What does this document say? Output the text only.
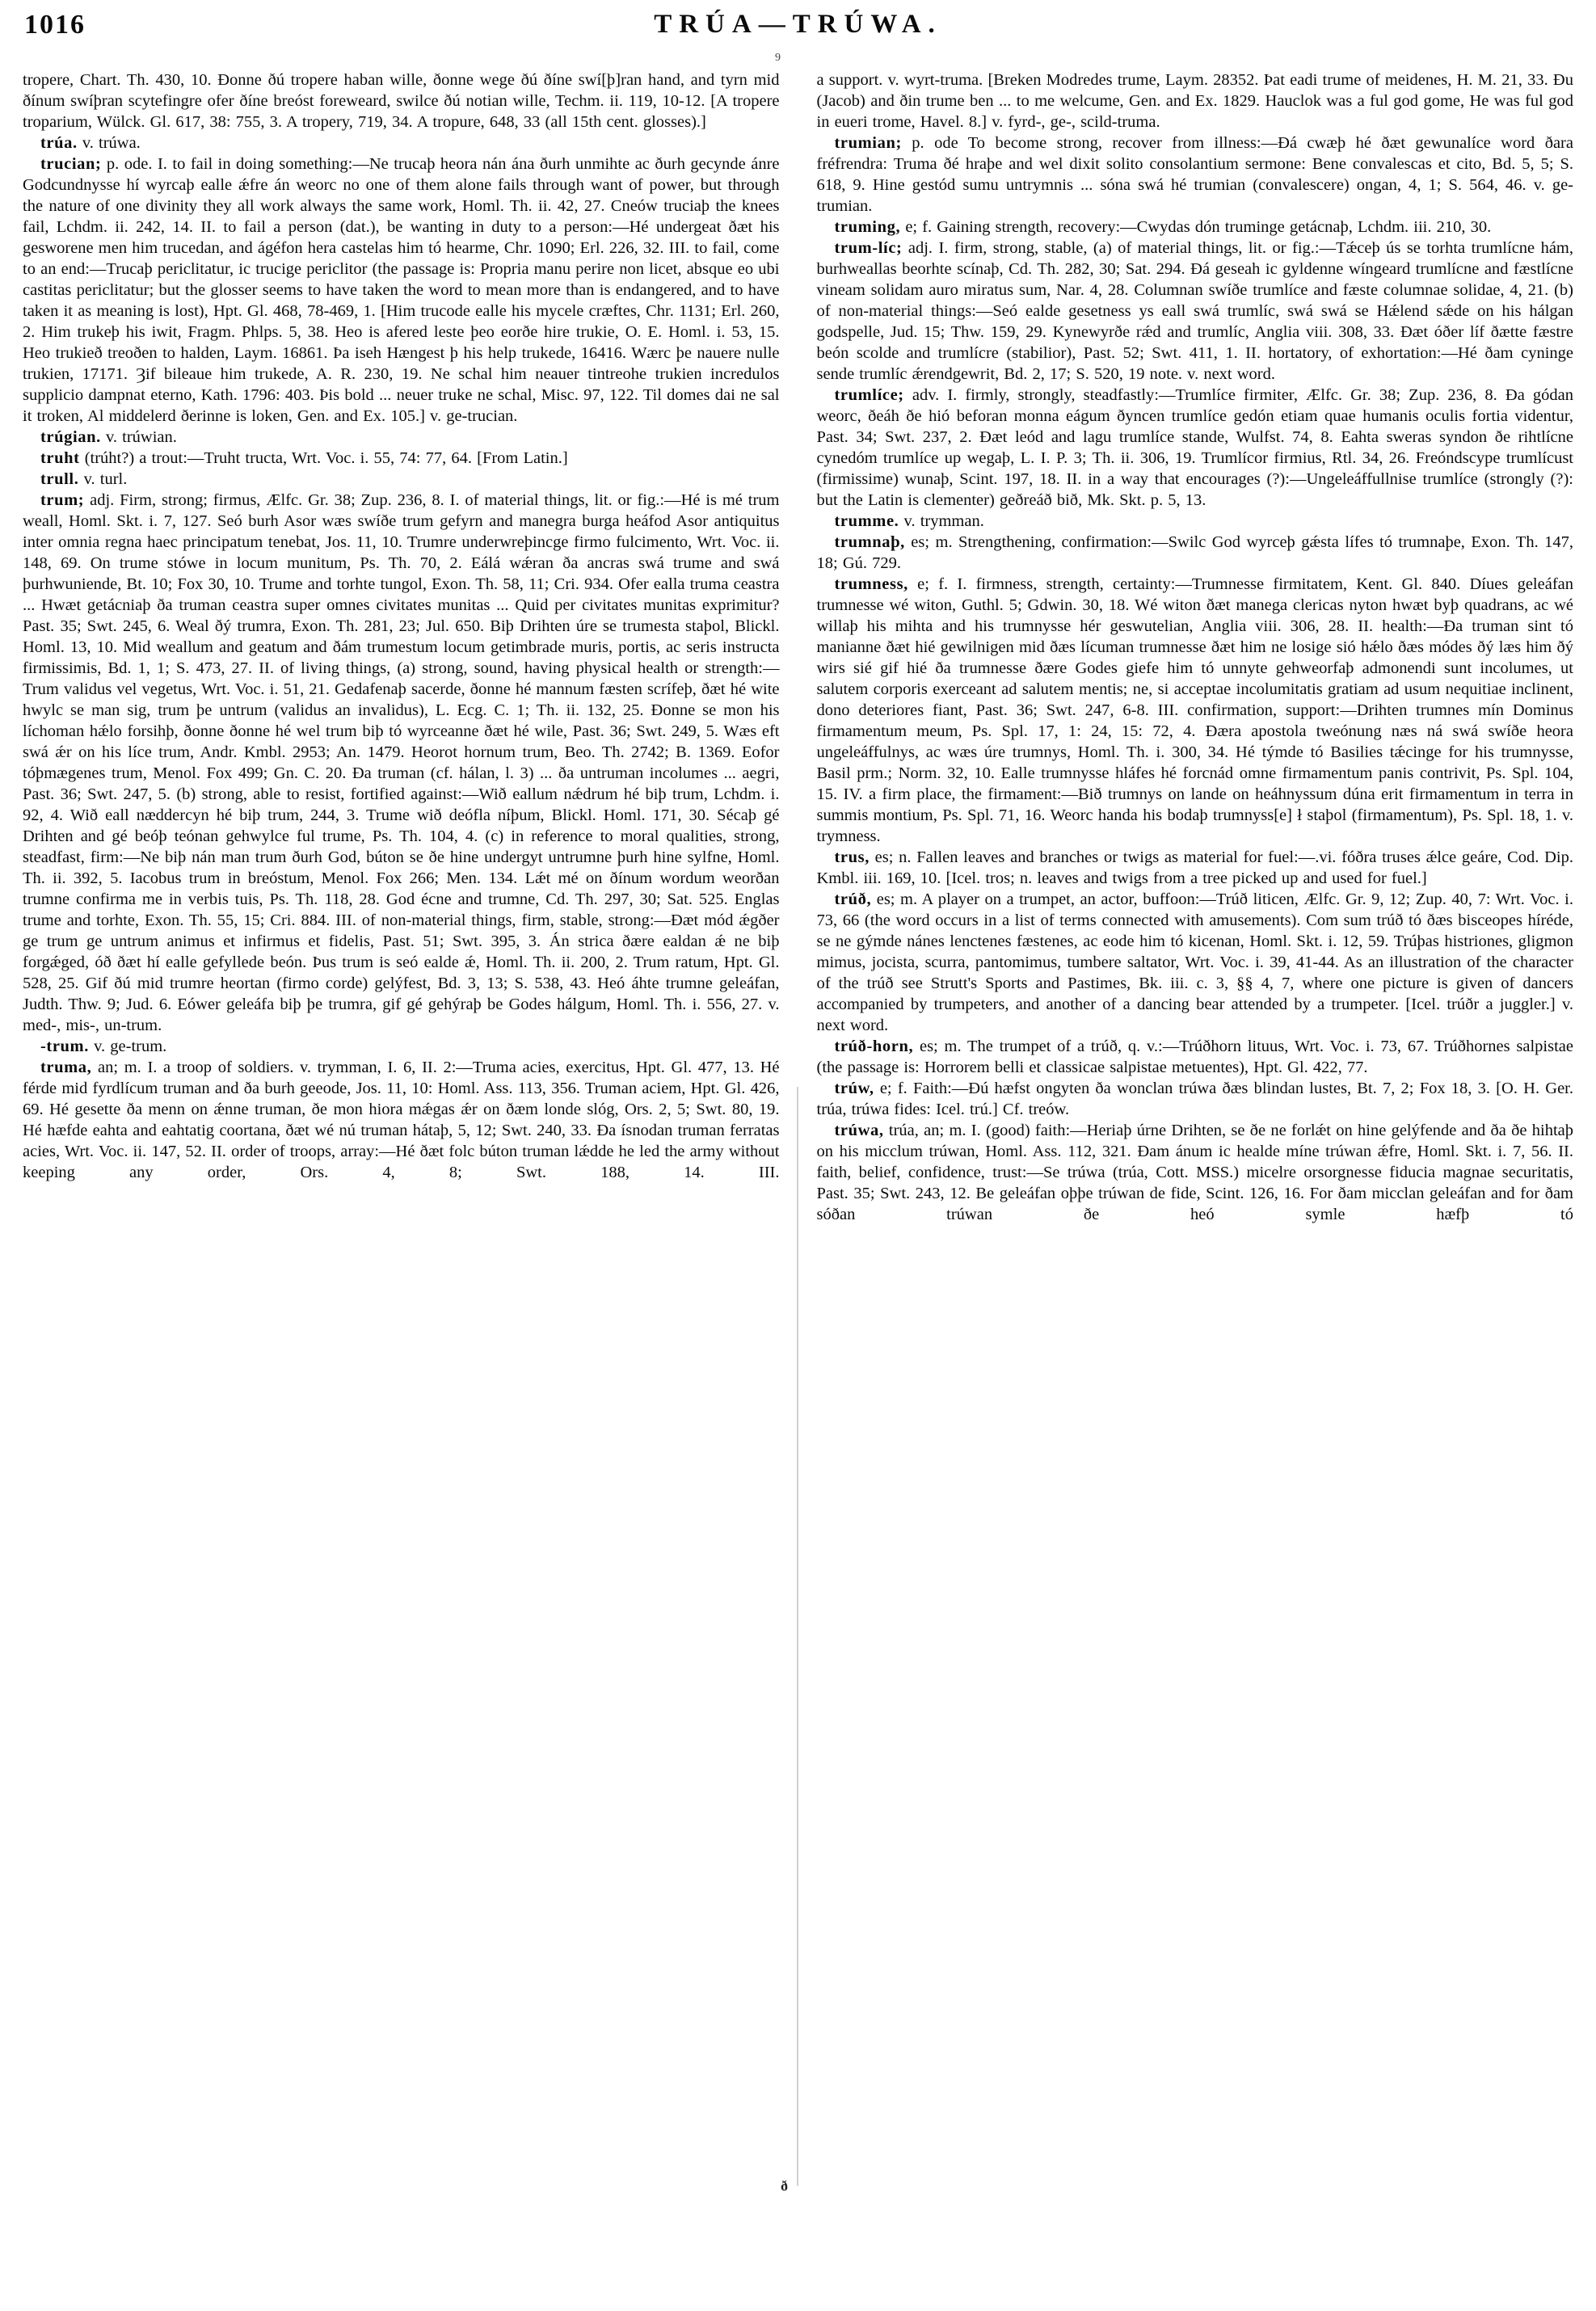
1016	TRÚA—TRÚWA.
9

tropere, Chart. Th. 430, 10. Ðonne ðú tropere haban wille, ðonne wege ðú ðíne swí[þ]ran hand, and tyrn mid ðínum swíþran scytefingre ofer ðíne breóst foreweard, swilce ðú notian wille, Techm. ii. 119, 10-12. [A tropere troparium, Wülck. Gl. 617, 38: 755, 3. A tropery, 719, 34. A tropure, 648, 33 (all 15th cent. glosses).]

trúa. v. trúwa.

trucian; p. ode. I. to fail in doing something:—Ne trucaþ heora nán ána ðurh unmihte ac ðurh gecynde ánre Godcundnysse hí wyrcaþ ealle ǽfre án weorc no one of them alone fails through want of power, but through the nature of one divinity they all work always the same work, Homl. Th. ii. 42, 27. Cneów truciaþ the knees fail, Lchdm. ii. 242, 14. II. to fail a person (dat.), be wanting in duty to a person:—Hé undergeat ðæt his gesworene men him trucedan, and ágéfon hera castelas him tó hearme, Chr. 1090; Erl. 226, 32. III. to fail, come to an end:—Trucaþ periclitatur, ic trucige periclitor (the passage is: Propria manu perire non licet, absque eo ubi castitas periclitatur; but the glosser seems to have taken the word to mean more than is endangered, and to have taken it as meaning is lost), Hpt. Gl. 468, 78-469, 1. [Him trucode ealle his mycele cræftes, Chr. 1131; Erl. 260, 2. Him trukeþ his iwit, Fragm. Phlps. 5, 38. Heo is afered leste þeo eorðe hire trukie, O. E. Homl. i. 53, 15. Heo trukieð treoðen to halden, Laym. 16861. Þa iseh Hængest þ his help trukede, 16416. Wærc þe nauere nulle trukien, 17171. Ȝif bileaue him trukede, A. R. 230, 19. Ne schal him neauer tintreohe trukien incredulos supplicio dampnat eterno, Kath. 1796: 403. Þis bold ... neuer truke ne schal, Misc. 97, 122. Til domes dai ne sal it troken, Al middelerd ðerinne is loken, Gen. and Ex. 105.] v. ge-trucian.

trúgian. v. trúwian.

truht (trúht?) a trout:—Truht tructa, Wrt. Voc. i. 55, 74: 77, 64. [From Latin.]

trull. v. turl.

trum; adj. Firm, strong; firmus, Ælfc. Gr. 38; Zup. 236, 8. I. of material things, lit. or fig.:—Hé is mé trum weall, Homl. Skt. i. 7, 127. Seó burh Asor wæs swíðe trum gefyrn and manegra burga heáfod Asor antiquitus inter omnia regna haec principatum tenebat, Jos. 11, 10. Trumre underwreþincge firmo fulcimento, Wrt. Voc. ii. 148, 69. On trume stówe in locum munitum, Ps. Th. 70, 2. Eálá wǽran ða ancras swá trume and swá þurhwuniende, Bt. 10; Fox 30, 10. Trume and torhte tungol, Exon. Th. 58, 11; Cri. 934. Ofer ealla truma ceastra ... Hwæt getácniaþ ða truman ceastra super omnes civitates munitas ... Quid per civitates munitas exprimitur? Past. 35; Swt. 245, 6. Weal ðý trumra, Exon. Th. 281, 23; Jul. 650. Biþ Drihten úre se trumesta staþol, Blickl. Homl. 13, 10. Mid weallum and geatum and ðám trumestum locum getimbrade muris, portis, ac seris instructa firmissimis, Bd. 1, 1; S. 473, 27. II. of living things, (a) strong, sound, having physical health or strength:—Trum validus vel vegetus, Wrt. Voc. i. 51, 21. Gedafenaþ sacerde, ðonne hé mannum fæsten scrífeþ, ðæt hé wite hwylc se man sig, trum þe untrum (validus an invalidus), L. Ecg. C. 1; Th. ii. 132, 25. Ðonne se mon his líchoman hǽlo forsihþ, ðonne ðonne hé wel trum biþ tó wyrceanne ðæt hé wile, Past. 36; Swt. 249, 5. Wæs eft swá ǽr on his líce trum, Andr. Kmbl. 2953; An. 1479. Heorot hornum trum, Beo. Th. 2742; B. 1369. Eofor tóþmægenes trum, Menol. Fox 499; Gn. C. 20. Ða truman (cf. hálan, l. 3) ... ða untruman incolumes ... aegri, Past. 36; Swt. 247, 5. (b) strong, able to resist, fortified against:—Wið eallum nǽdrum hé biþ trum, Lchdm. i. 92, 4. Wið eall næddercyn hé biþ trum, 244, 3. Trume wið deófla níþum, Blickl. Homl. 171, 30. Sécaþ gé Drihten and gé beóþ teónan gehwylce ful trume, Ps. Th. 104, 4. (c) in reference to moral qualities, strong, steadfast, firm:—Ne biþ nán man trum ðurh God, búton se ðe hine undergyt untrumne þurh hine sylfne, Homl. Th. ii. 392, 5. Iacobus trum in breóstum, Menol. Fox 266; Men. 134. Lǽt mé on ðínum wordum weorðan trumne confirma me in verbis tuis, Ps. Th. 118, 28. God écne and trumne, Cd. Th. 297, 30; Sat. 525. Englas trume and torhte, Exon. Th. 55, 15; Cri. 884. III. of non-material things, firm, stable, strong:—Ðæt mód ǽgðer ge trum ge untrum animus et infirmus et fidelis, Past. 51; Swt. 395, 3. Án strica ðære ealdan ǽ ne biþ forgǽged, óð ðæt hí ealle gefyllede beón. Þus trum is seó ealde ǽ, Homl. Th. ii. 200, 2. Trum ratum, Hpt. Gl. 528, 25. Gif ðú mid trumre heortan (firmo corde) gelýfest, Bd. 3, 13; S. 538, 43. Heó áhte trumne geleáfan, Judth. Thw. 9; Jud. 6. Eówer geleáfa biþ þe trumra, gif gé gehýraþ be Godes hálgum, Homl. Th. i. 556, 27. v. med-, mis-, un-trum.

-trum. v. ge-trum.

truma, an; m. I. a troop of soldiers. v. trymman, I. 6, II. 2:—Truma acies, exercitus, Hpt. Gl. 477, 13. Hé férde mid fyrdlícum truman and ða burh geeode, Jos. 11, 10: Homl. Ass. 113, 356. Truman aciem, Hpt. Gl. 426, 69. Hé gesette ða menn on ǽnne truman, ðe mon hiora mǽgas ǽr on ðæm londe slóg, Ors. 2, 5; Swt. 80, 19. Hé hæfde eahta and eahtatig coortana, ðæt wé nú truman hátaþ, 5, 12; Swt. 240, 33. Ða ísnodan truman ferratas acies, Wrt. Voc. ii. 147, 52. II. order of troops, array:—Hé ðæt folc búton truman lǽdde he led the army without keeping any order, Ors. 4, 8; Swt. 188, 14. III.

a support. v. wyrt-truma. [Breken Modredes trume, Laym. 28352. Þat eadi trume of meidenes, H. M. 21, 33. Ðu (Jacob) and ðin trume ben ... to me welcume, Gen. and Ex. 1829. Hauclok was a ful god gome, He was ful god in eueri trome, Havel. 8.] v. fyrd-, ge-, scild-truma.

trumian; p. ode To become strong, recover from illness:—Ðá cwæþ hé ðæt gewunalíce word ðara fréfrendra: Truma ðé hraþe and wel dixit solito consolantium sermone: Bene convalescas et cito, Bd. 5, 5; S. 618, 9. Hine gestód sumu untrymnis ... sóna swá hé trumian (convalescere) ongan, 4, 1; S. 564, 46. v. ge-trumian.

truming, e; f. Gaining strength, recovery:—Cwydas dón truminge getácnaþ, Lchdm. iii. 210, 30.

trum-líc; adj. I. firm, strong, stable, (a) of material things, lit. or fig.:—Tǽceþ ús se torhta trumlícne hám, burhweallas beorhte scínaþ, Cd. Th. 282, 30; Sat. 294. Ðá geseah ic gyldenne wíngeard trumlícne and fæstlícne vineam solidam auro miratus sum, Nar. 4, 28. Columnan swíðe trumlíce and fæste columnae solidae, 4, 21. (b) of non-material things:—Seó ealde gesetness ys eall swá trumlíc, swá swá se Hǽlend sǽde on his hálgan godspelle, Jud. 15; Thw. 159, 29. Kynewyrðe rǽd and trumlíc, Anglia viii. 308, 33. Ðæt óðer líf ðætte fæstre beón scolde and trumlícre (stabilior), Past. 52; Swt. 411, 1. II. hortatory, of exhortation:—Hé ðam cyninge sende trumlíc ǽrendgewrit, Bd. 2, 17; S. 520, 19 note. v. next word.

trumlíce; adv. I. firmly, strongly, steadfastly:—Trumlíce firmiter, Ælfc. Gr. 38; Zup. 236, 8. Ða gódan weorc, ðeáh ðe hió beforan monna eágum ðyncen trumlíce gedón etiam quae humanis oculis fortia videntur, Past. 34; Swt. 237, 2. Ðæt leód and lagu trumlíce stande, Wulfst. 74, 8. Eahta sweras syndon ðe rihtlícne cynedóm trumlíce up wegaþ, L. I. P. 3; Th. ii. 306, 19. Trumlícor firmius, Rtl. 34, 26. Freóndscype trumlícust (firmissime) wunaþ, Scint. 197, 18. II. in a way that encourages (?):—Ungeleáffullnise trumlíce (strongly (?): but the Latin is clementer) geðreáð bið, Mk. Skt. p. 5, 13.

trumme. v. trymman.

trumnaþ, es; m. Strengthening, confirmation:—Swilc God wyrceþ gǽsta lífes tó trumnaþe, Exon. Th. 147, 18; Gú. 729.

trumness, e; f. I. firmness, strength, certainty:—Trumnesse firmitatem, Kent. Gl. 840. Díues geleáfan trumnesse wé witon, Guthl. 5; Gdwin. 30, 18. Wé witon ðæt manega clericas nyton hwæt byþ quadrans, ac wé willaþ his mihta and his trumnysse hér geswutelian, Anglia viii. 306, 28. II. health:—Ða truman sint tó manianne ðæt hié gewilnigen mid ðæs lícuman trumnesse ðæt him ne losige sió hǽlo ðæs módes ðý læs him ðý wirs sié gif hié ða trumnesse ðære Godes giefe him tó unnyte gehweorfaþ admonendi sunt incolumes, ut salutem corporis exerceant ad salutem mentis; ne, si acceptae incolumitatis gratiam ad usum nequitiae inclinent, dono deteriores fiant, Past. 36; Swt. 247, 6-8. III. confirmation, support:—Drihten trumnes mín Dominus firmamentum meum, Ps. Spl. 17, 1: 24, 15: 72, 4. Ðæra apostola tweónung næs ná swá swíðe heora ungeleáffulnys, ac wæs úre trumnys, Homl. Th. i. 300, 34. Hé týmde tó Basilies tǽcinge for his trumnysse, Basil prm.; Norm. 32, 10. Ealle trumnysse hláfes hé forcnád omne firmamentum panis contrivit, Ps. Spl. 104, 15. IV. a firm place, the firmament:—Bið trumnys on lande on heáhnyssum dúna erit firmamentum in terra in summis montium, Ps. Spl. 71, 16. Weorc handa his bodaþ trumnyss[e] ł staþol (firmamentum), Ps. Spl. 18, 1. v. trymness.

trus, es; n. Fallen leaves and branches or twigs as material for fuel:—.vi. fóðra truses ǽlce geáre, Cod. Dip. Kmbl. iii. 169, 10. [Icel. tros; n. leaves and twigs from a tree picked up and used for fuel.]

trúð, es; m. A player on a trumpet, an actor, buffoon:—Trúð liticen, Ælfc. Gr. 9, 12; Zup. 40, 7: Wrt. Voc. i. 73, 66 (the word occurs in a list of terms connected with amusements). Com sum trúð tó ðæs bisceopes híréde, se ne gýmde nánes lenctenes fæstenes, ac eode him tó kicenan, Homl. Skt. i. 12, 59. Trúþas histriones, gligmon mimus, jocista, scurra, pantomimus, tumbere saltator, Wrt. Voc. i. 39, 41-44. As an illustration of the character of the trúð see Strutt's Sports and Pastimes, Bk. iii. c. 3, §§ 4, 7, where one picture is given of dancers accompanied by trumpeters, and another of a dancing bear attended by a trumpeter. [Icel. trúðr a juggler.] v. next word.

trúð-horn, es; m. The trumpet of a trúð, q. v.:—Trúðhorn lituus, Wrt. Voc. i. 73, 67. Trúðhornes salpistae (the passage is: Horrorem belli et classicae salpistae metuentes), Hpt. Gl. 422, 77.

trúw, e; f. Faith:—Ðú hæfst ongyten ða wonclan trúwa ðæs blindan lustes, Bt. 7, 2; Fox 18, 3. [O. H. Ger. trúa, trúwa fides: Icel. trú.] Cf. treów.

trúwa, trúa, an; m. I. (good) faith:—Heriaþ úrne Drihten, se ðe ne forlǽt on hine gelýfende and ða ðe hihtaþ on his micclum trúwan, Homl. Ass. 112, 321. Ðam ánum ic healde míne trúwan ǽfre, Homl. Skt. i. 7, 56. II. faith, belief, confidence, trust:—Se trúwa (trúa, Cott. MSS.) micelre orsorgnesse fiducia magnae securitatis, Past. 35; Swt. 243, 12. Be geleáfan oþþe trúwan de fide, Scint. 126, 16. For ðam micclan geleáfan and for ðam sóðan trúwan ðe heó symle hæfþ tó

ð
